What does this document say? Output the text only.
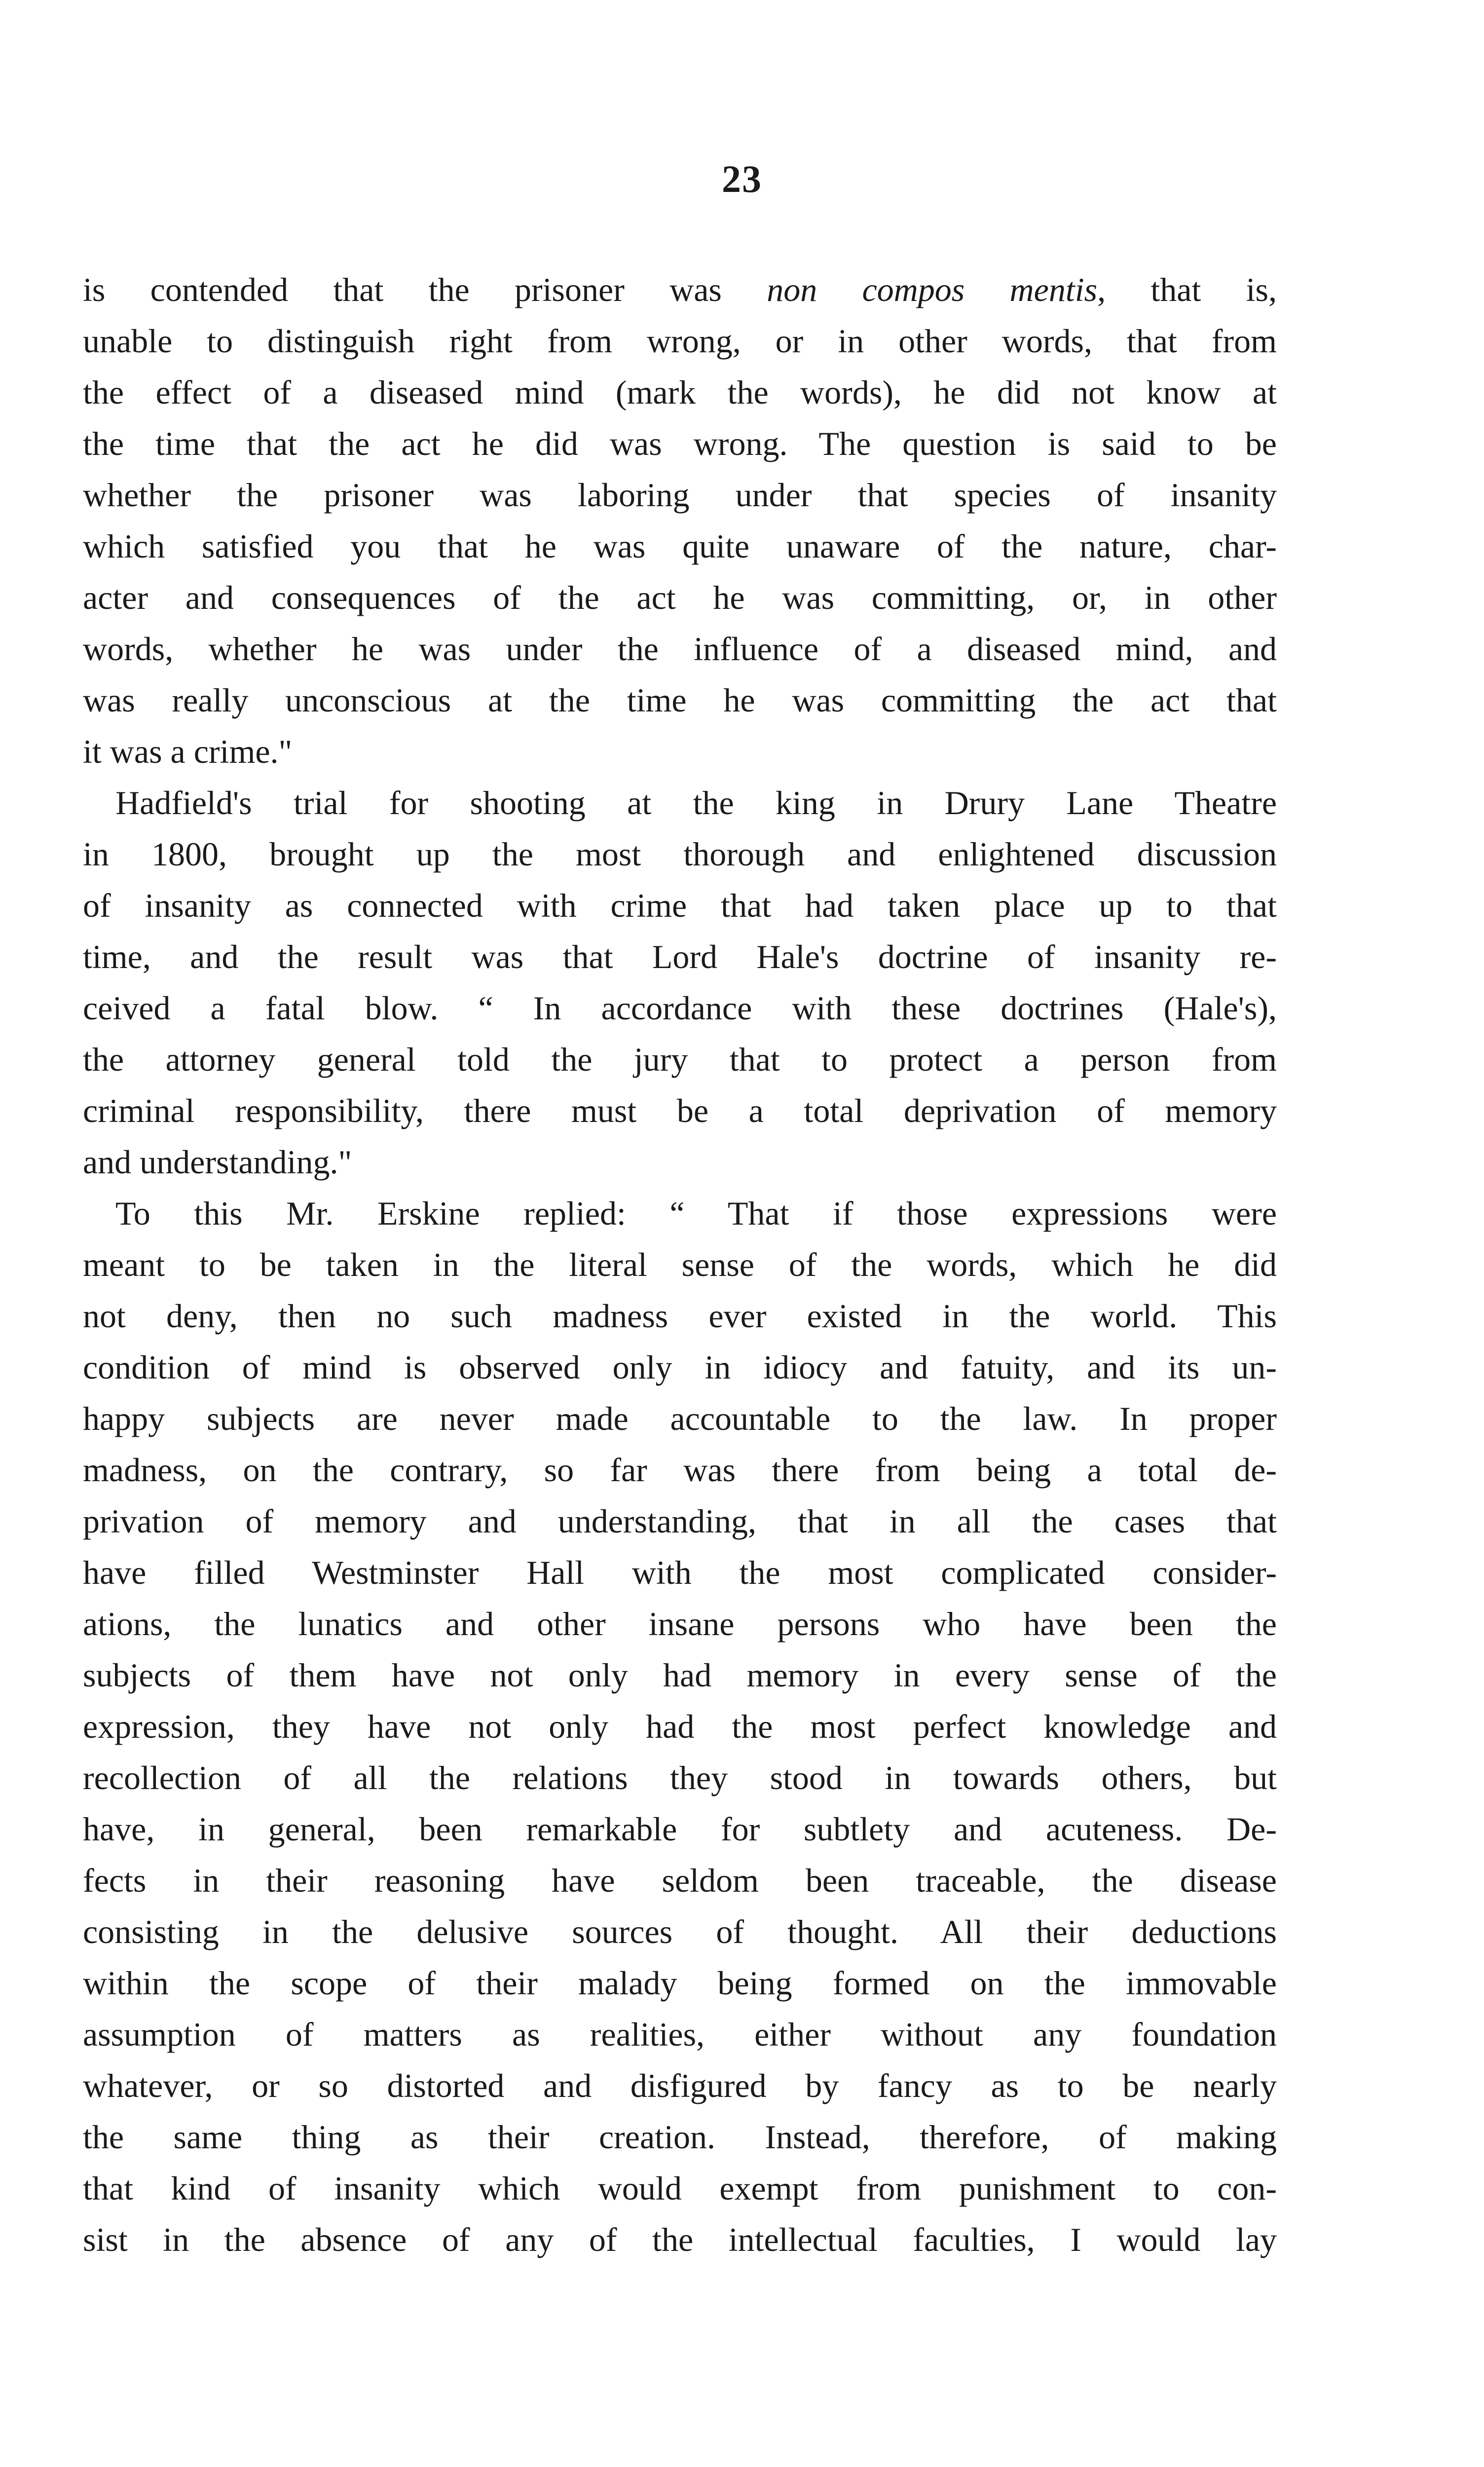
23
is contended that the prisoner was non compos mentis, that is,
unable to distinguish right from wrong, or in other words, that from
the effect of a diseased mind (mark the words), he did not know at
the time that the act he did was wrong. The question is said to be
whether the prisoner was laboring under that species of insanity
which satisfied you that he was quite unaware of the nature, char-
acter and consequences of the act he was committing, or, in other
words, whether he was under the influence of a diseased mind, and
was really unconscious at the time he was committing the act that
it was a crime."
Hadfield's trial for shooting at the king in Drury Lane Theatre
in 1800, brought up the most thorough and enlightened discussion
of insanity as connected with crime that had taken place up to that
time, and the result was that Lord Hale's doctrine of insanity re-
ceived a fatal blow. “ In accordance with these doctrines (Hale's),
the attorney general told the jury that to protect a person from
criminal responsibility, there must be a total deprivation of memory
and understanding."
To this Mr. Erskine replied: “ That if those expressions were
meant to be taken in the literal sense of the words, which he did
not deny, then no such madness ever existed in the world. This
condition of mind is observed only in idiocy and fatuity, and its un-
happy subjects are never made accountable to the law. In proper
madness, on the contrary, so far was there from being a total de-
privation of memory and understanding, that in all the cases that
have filled Westminster Hall with the most complicated consider-
ations, the lunatics and other insane persons who have been the
subjects of them have not only had memory in every sense of the
expression, they have not only had the most perfect knowledge and
recollection of all the relations they stood in towards others, but
have, in general, been remarkable for subtlety and acuteness. De-
fects in their reasoning have seldom been traceable, the disease
consisting in the delusive sources of thought. All their deductions
within the scope of their malady being formed on the immovable
assumption of matters as realities, either without any foundation
whatever, or so distorted and disfigured by fancy as to be nearly
the same thing as their creation. Instead, therefore, of making
that kind of insanity which would exempt from punishment to con-
sist in the absence of any of the intellectual faculties, I would lay
